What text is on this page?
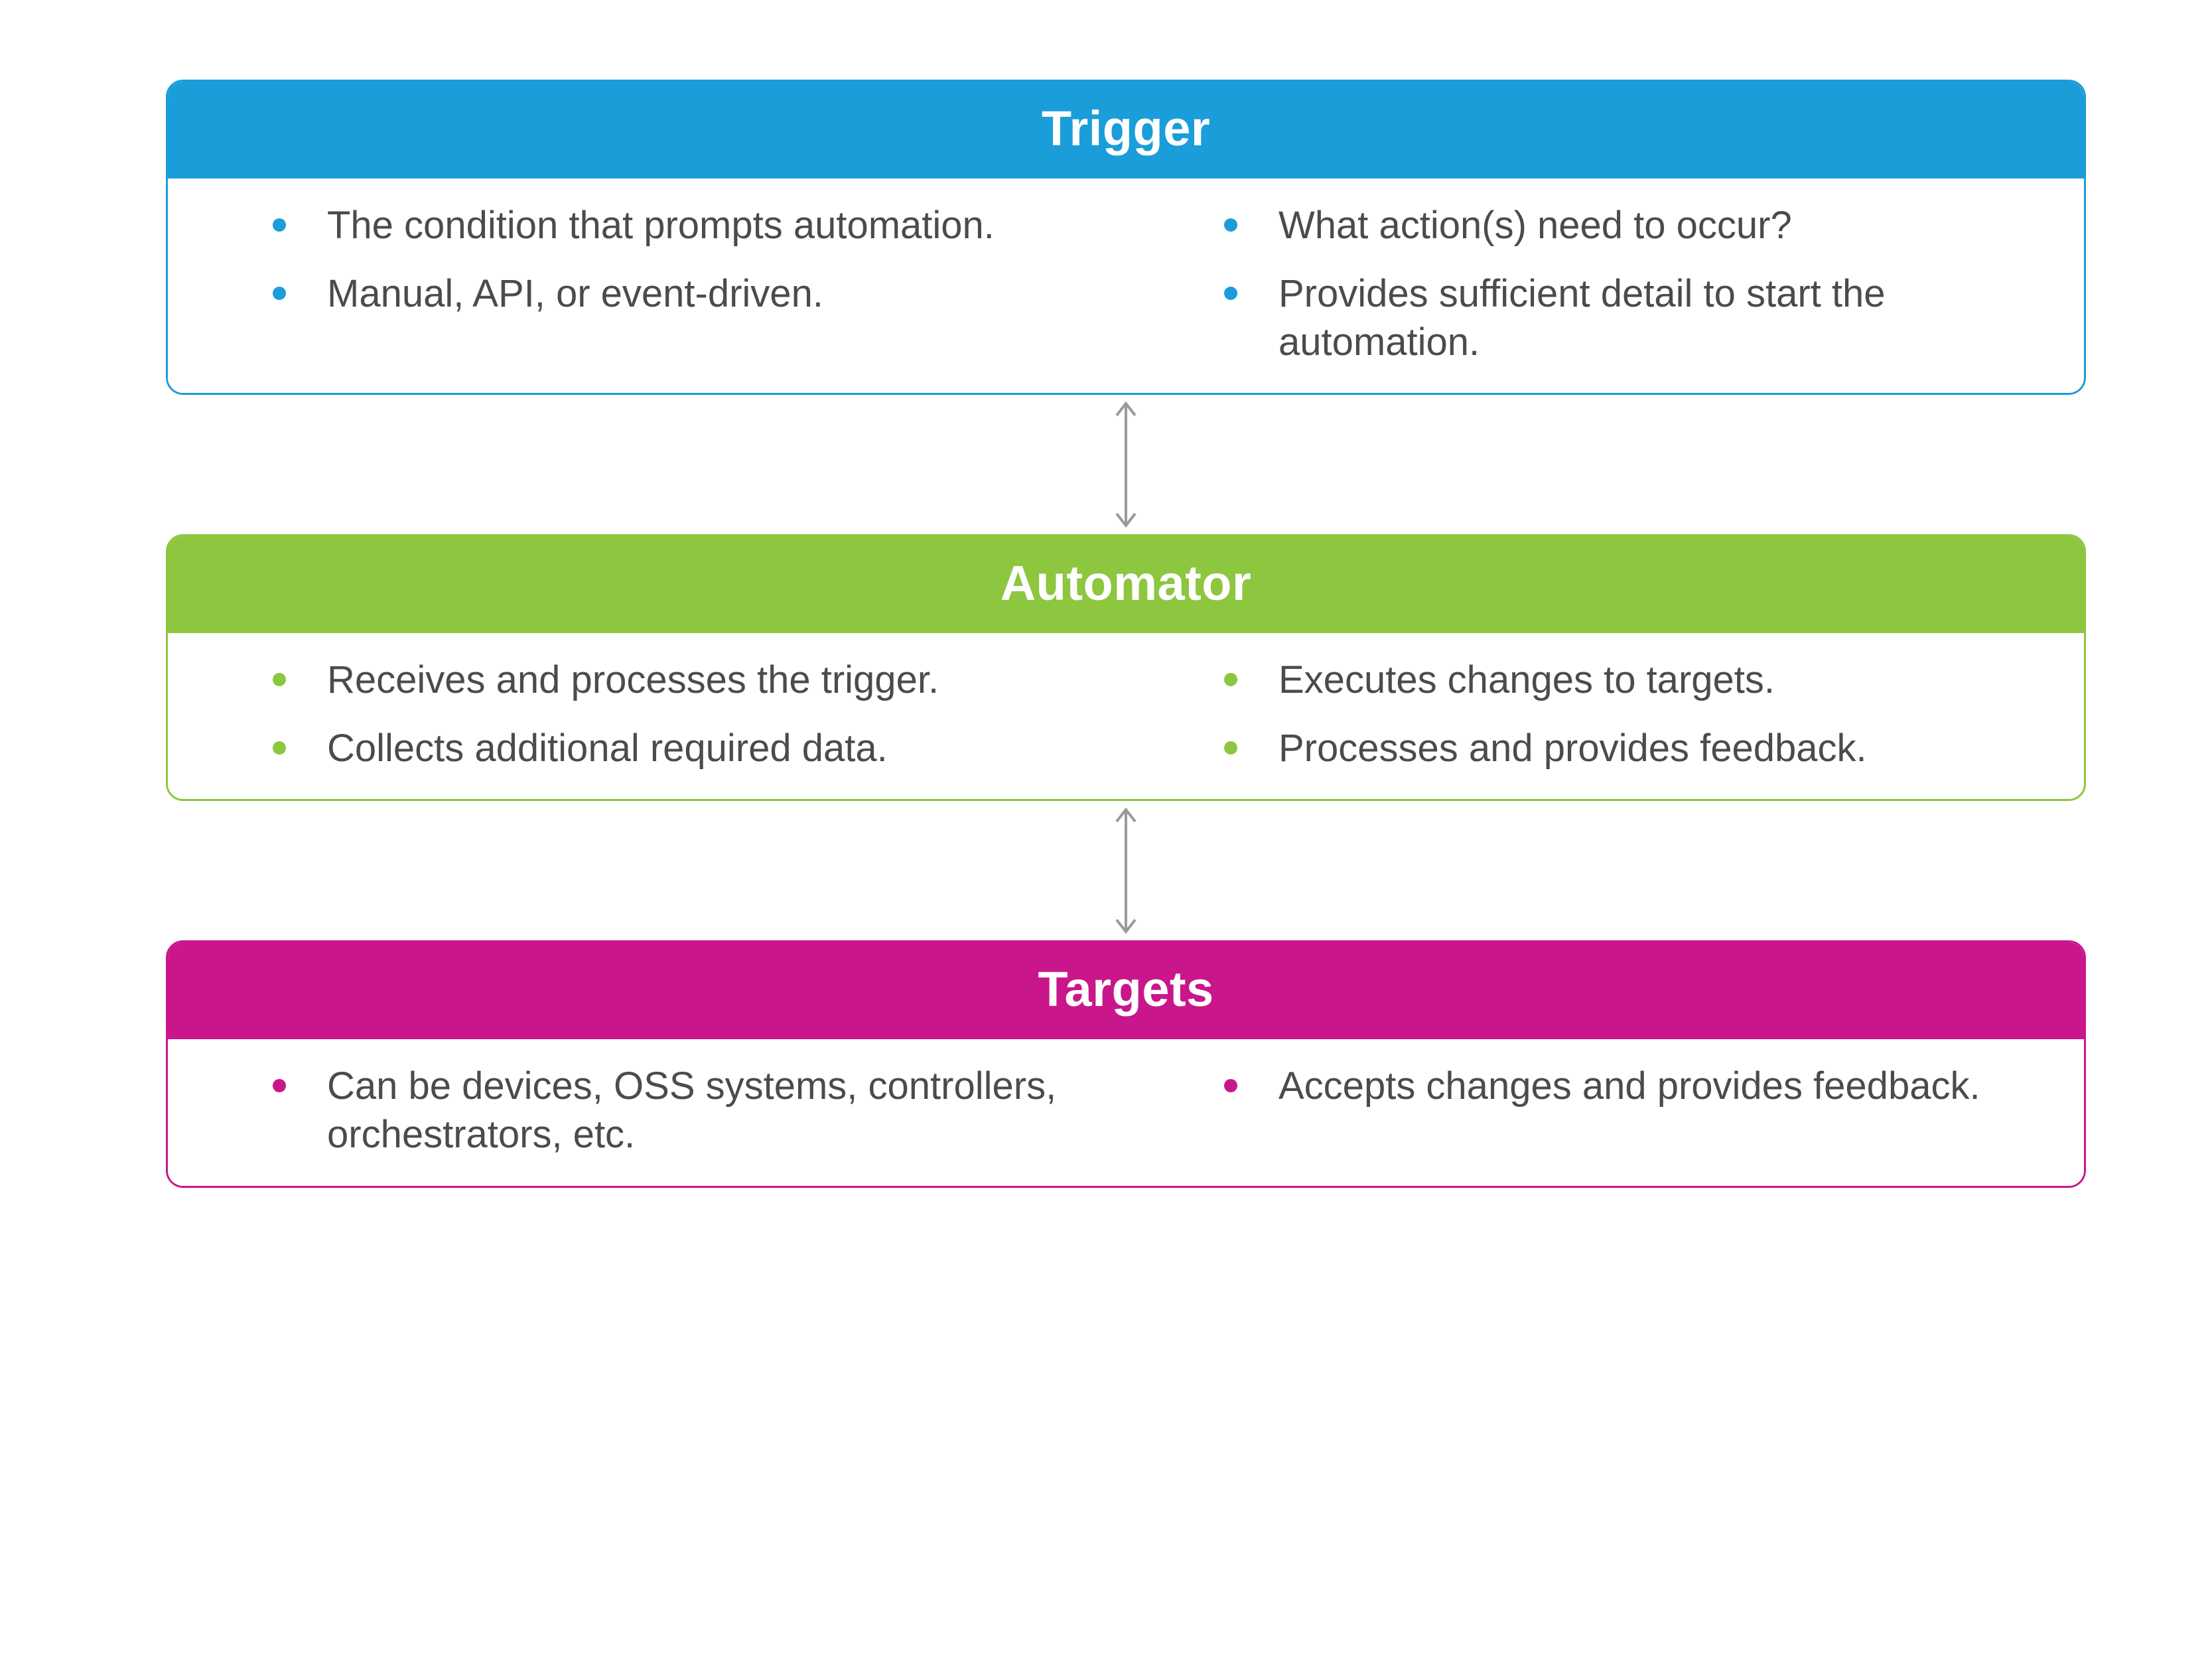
Trigger
The condition that prompts automation.
Manual, API, or event-driven.
What action(s) need to occur?
Provides sufficient detail to start the automation.
Automator
Receives and processes the trigger.
Collects additional required data.
Executes changes to targets.
Processes and provides feedback.
Targets
Can be devices, OSS systems, controllers, orchestrators, etc.
Accepts changes and provides feedback.
